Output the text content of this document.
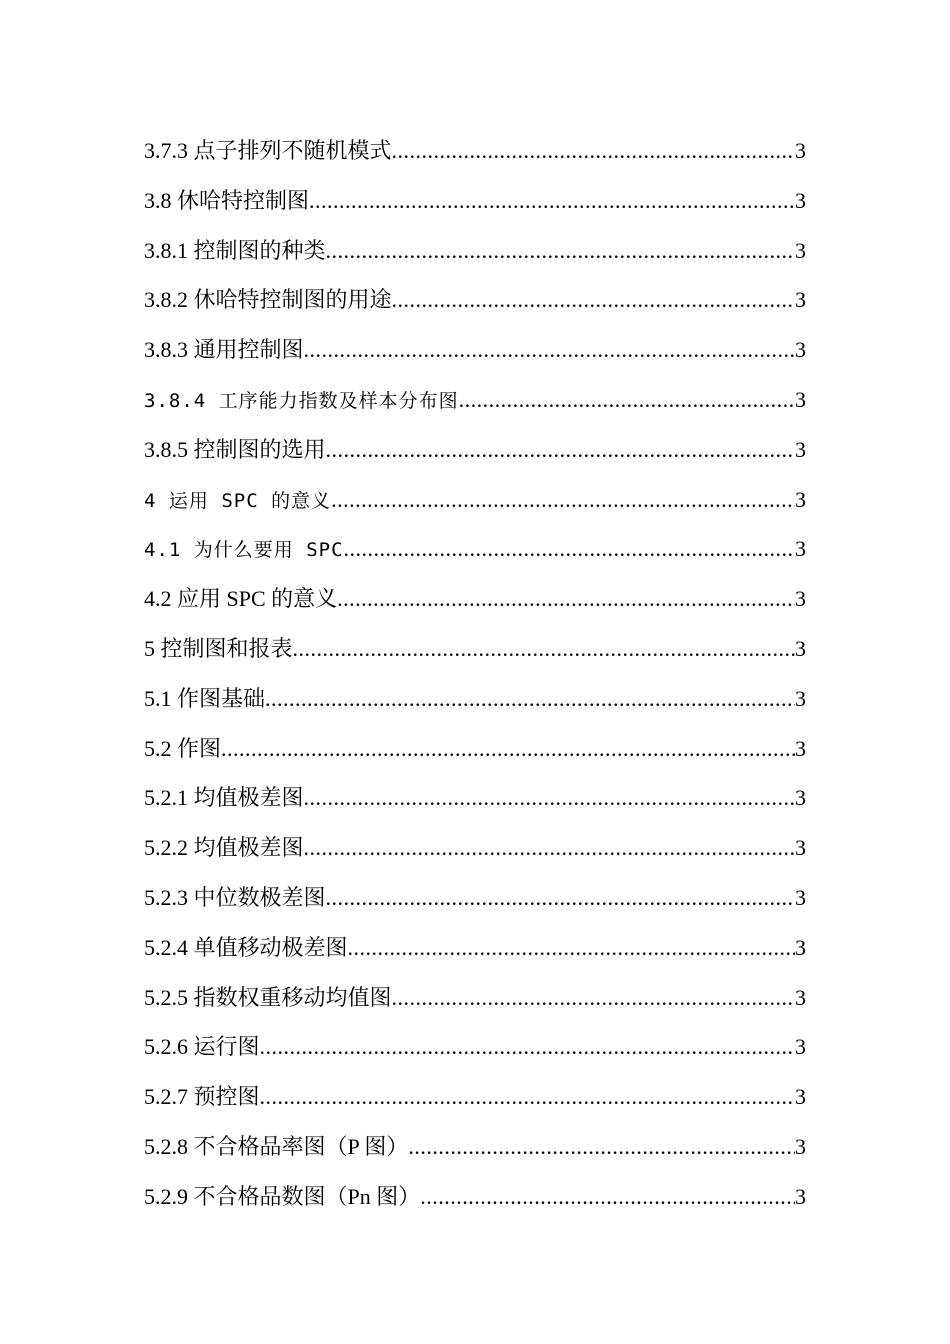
3.7.3 点子排列不随机模式 .....	3
3.8 休哈特控制图 .....	3
3.8.1 控制图的种类 .....	3
3.8.2 休哈特控制图的用途 .....	3
3.8.3 通用控制图 .....	3
3.8.4 工序能力指数及样本分布图 .....	3
3.8.5 控制图的选用 .....	3
4 运用 SPC 的意义 .....	3
4.1 为什么要用 SPC .....	3
4.2 应用 SPC 的意义 .....	3
5 控制图和报表 .....	3
5.1 作图基础 .....	3
5.2 作图 .....	3
5.2.1 均值极差图 .....	3
5.2.2 均值极差图 .....	3
5.2.3 中位数极差图 .....	3
5.2.4 单值移动极差图 .....	3
5.2.5 指数权重移动均值图 .....	3
5.2.6 运行图 .....	3
5.2.7 预控图 .....	3
5.2.8 不合格品率图（P 图） .....	3
5.2.9 不合格品数图（Pn 图） .....	3
